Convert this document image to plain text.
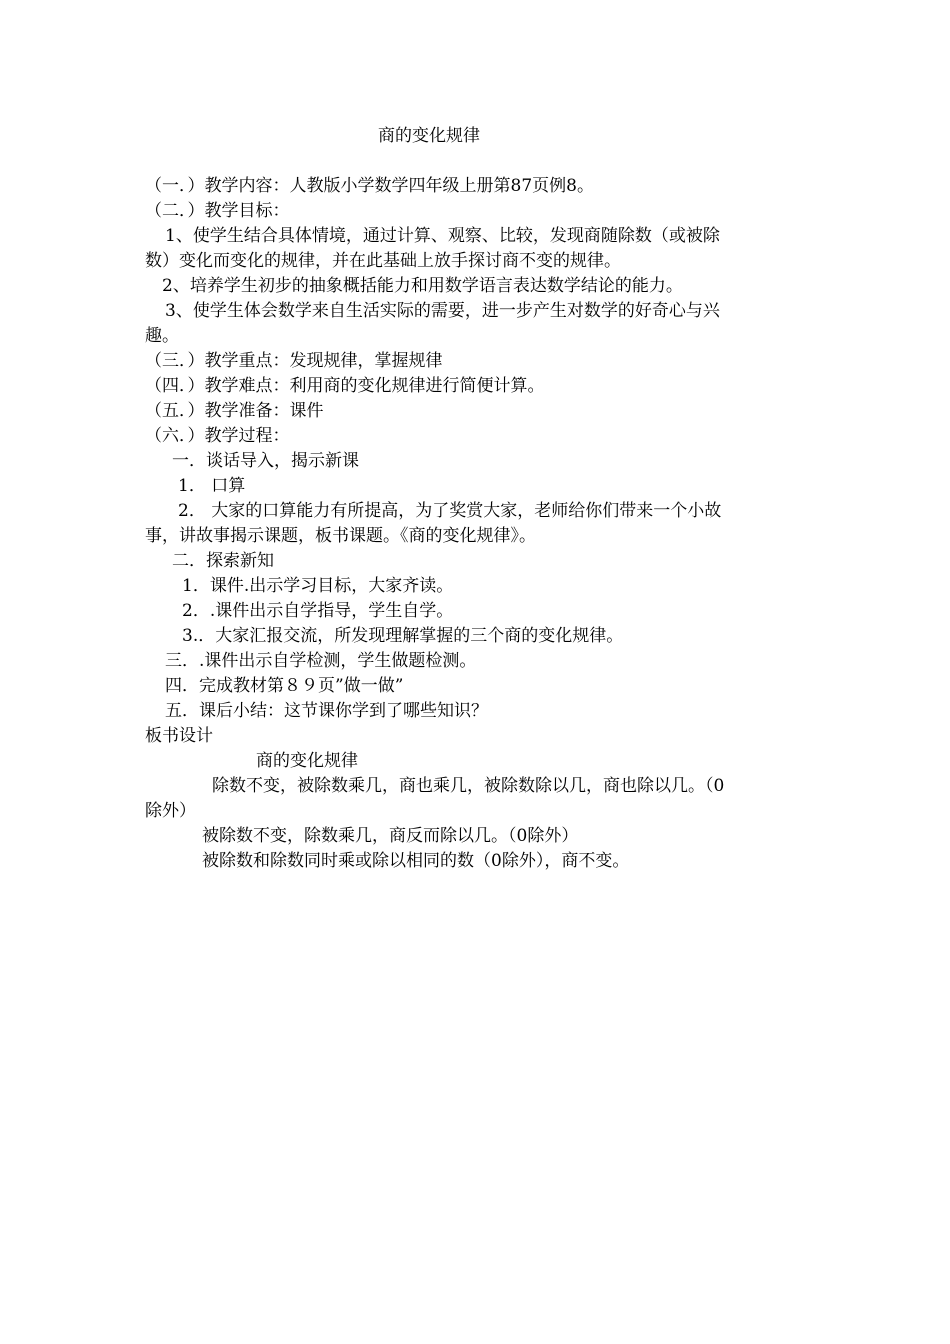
商的变化规律
（一．）教学内容：人教版小学数学四年级上册第87页例8。
（二．）教学目标：
1、使学生结合具体情境，通过计算、观察、比较，发现商随除数（或被除
数）变化而变化的规律，并在此基础上放手探讨商不变的规律。
2、培养学生初步的抽象概括能力和用数学语言表达数学结论的能力。
3、使学生体会数学来自生活实际的需要，进一步产生对数学的好奇心与兴
趣。
（三．）教学重点：发现规律，掌握规律
（四．）教学难点：利用商的变化规律进行简便计算。
（五．）教学准备：课件
（六．）教学过程：
一．谈话导入，揭示新课
1． 口算
2． 大家的口算能力有所提高，为了奖赏大家，老师给你们带来一个小故
事，讲故事揭示课题，板书课题。《商的变化规律》。
二．探索新知
1．课件.出示学习目标，大家齐读。
2．.课件出示自学指导，学生自学。
3.．大家汇报交流，所发现理解掌握的三个商的变化规律。
三．.课件出示自学检测，学生做题检测。
四．完成教材第８９页”做一做”
五．课后小结：这节课你学到了哪些知识？
板书设计
商的变化规律
除数不变，被除数乘几，商也乘几，被除数除以几，商也除以几。（0
除外）
被除数不变，除数乘几，商反而除以几。（0除外）
被除数和除数同时乘或除以相同的数（0除外），商不变。
